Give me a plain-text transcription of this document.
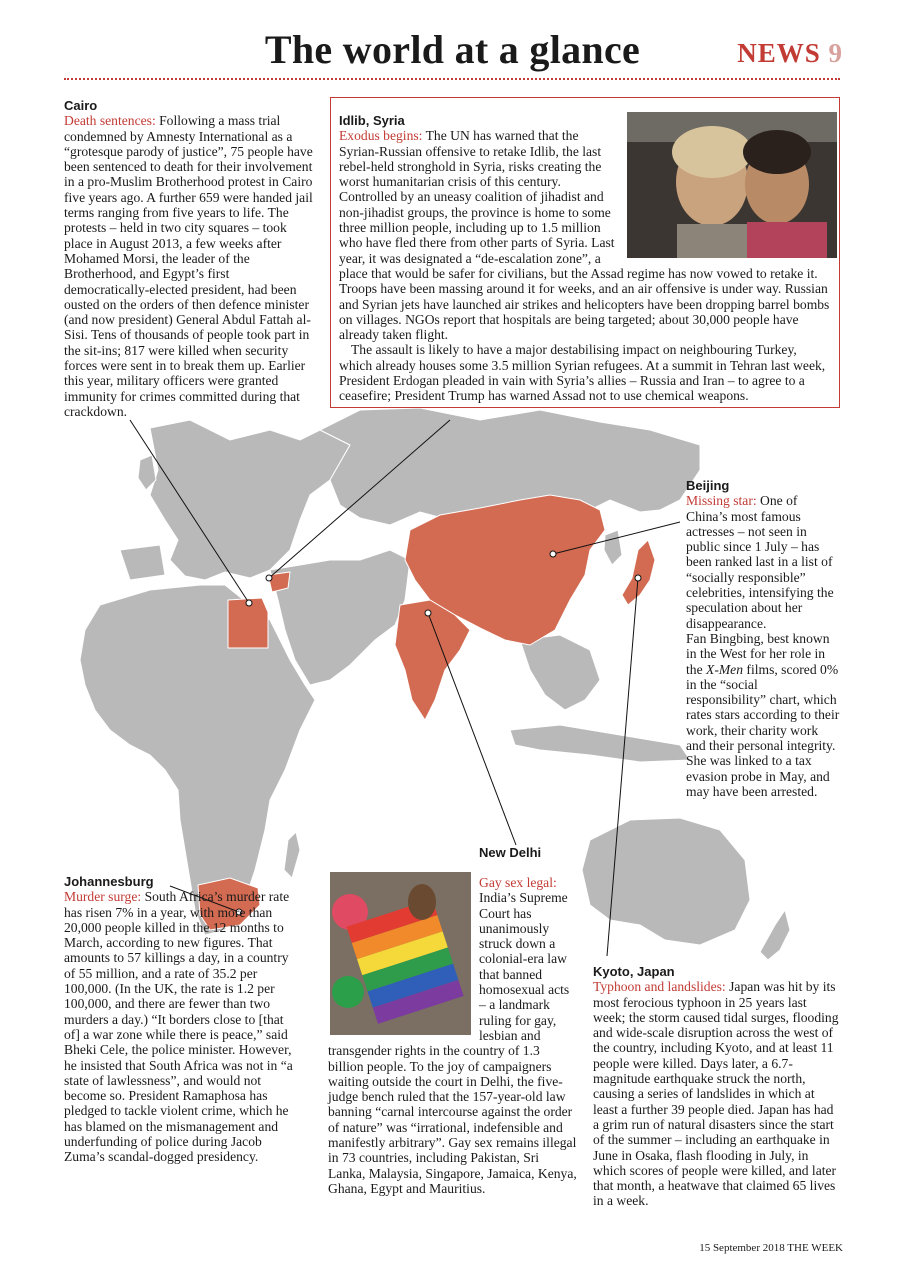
The world at a glance	NEWS 9
Cairo
Death sentences: Following a mass trial condemned by Amnesty International as a “grotesque parody of justice”, 75 people have been sentenced to death for their involvement in a pro-Muslim Brotherhood protest in Cairo five years ago. A further 659 were handed jail terms ranging from five years to life. The protests – held in two city squares – took place in August 2013, a few weeks after Mohamed Morsi, the leader of the Brotherhood, and Egypt’s first democratically-elected president, had been ousted on the orders of then defence minister (and now president) General Abdul Fattah al-Sisi. Tens of thousands of people took part in the sit-ins; 817 were killed when security forces were sent in to break them up. Earlier this year, military officers were granted immunity for crimes committed during that crackdown.
Idlib, Syria
Exodus begins: The UN has warned that the Syrian-Russian offensive to retake Idlib, the last rebel-held stronghold in Syria, risks creating the worst humanitarian crisis of this century. Controlled by an uneasy coalition of jihadist and non-jihadist groups, the province is home to some three million people, including up to 1.5 million who have fled there from other parts of Syria. Last year, it was designated a “de-escalation zone”, a place that would be safer for civilians, but the Assad regime has now vowed to retake it. Troops have been massing around it for weeks, and an air offensive is under way. Russian and Syrian jets have launched air strikes and helicopters have been dropping barrel bombs on villages. NGOs report that hospitals are being targeted; about 30,000 people have already taken flight.
The assault is likely to have a major destabilising impact on neighbouring Turkey, which already houses some 3.5 million Syrian refugees. At a summit in Tehran last week, President Erdogan pleaded in vain with Syria’s allies – Russia and Iran – to agree to a ceasefire; President Trump has warned Assad not to use chemical weapons.
Beijing
Missing star: One of China’s most famous actresses – not seen in public since 1 July – has been ranked last in a list of “socially responsible” celebrities, intensifying the speculation about her disappearance.
Fan Bingbing, best known in the West for her role in the X-Men films, scored 0% in the “social responsibility” chart, which rates stars according to their work, their charity work and their personal integrity. She was linked to a tax evasion probe in May, and may have been arrested.
Johannesburg
Murder surge: South Africa’s murder rate has risen 7% in a year, with more than 20,000 people killed in the 12 months to March, according to new figures. That amounts to 57 killings a day, in a country of 55 million, and a rate of 35.2 per 100,000. (In the UK, the rate is 1.2 per 100,000, and there are fewer than two murders a day.) “It borders close to [that of] a war zone while there is peace,” said Bheki Cele, the police minister. However, he insisted that South Africa was not in “a state of lawlessness”, and would not become so. President Ramaphosa has pledged to tackle violent crime, which he has blamed on the mismanagement and underfunding of police during Jacob Zuma’s scandal-dogged presidency.
New Delhi
Gay sex legal: India’s Supreme Court has unanimously struck down a colonial-era law that banned homosexual acts – a landmark ruling for gay, lesbian and transgender rights in the country of 1.3 billion people. To the joy of campaigners waiting outside the court in Delhi, the five-judge bench ruled that the 157-year-old law banning “carnal intercourse against the order of nature” was “irrational, indefensible and manifestly arbitrary”. Gay sex remains illegal in 73 countries, including Pakistan, Sri Lanka, Malaysia, Singapore, Jamaica, Kenya, Ghana, Egypt and Mauritius.
Kyoto, Japan
Typhoon and landslides: Japan was hit by its most ferocious typhoon in 25 years last week; the storm caused tidal surges, flooding and wide-scale disruption across the west of the country, including Kyoto, and at least 11 people were killed. Days later, a 6.7- magnitude earthquake struck the north, causing a series of landslides in which at least a further 39 people died. Japan has had a grim run of natural disasters since the start of the summer – including an earthquake in June in Osaka, flash flooding in July, in which scores of people were killed, and later that month, a heatwave that claimed 65 lives in a week.
15 September 2018 THE WEEK
